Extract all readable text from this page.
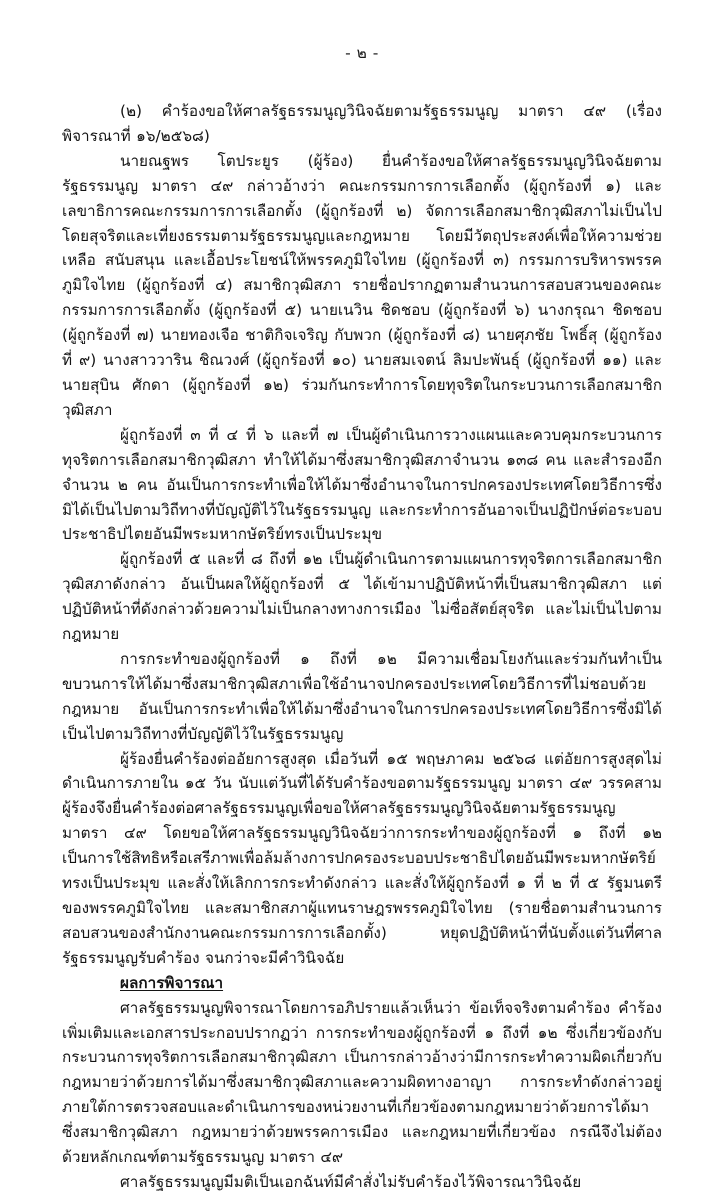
- ๒ -

(๒) คำร้องขอให้ศาลรัฐธรรมนูญวินิจฉัยตามรัฐธรรมนูญ มาตรา ๔๙ (เรื่องพิจารณาที่ ๑๖/๒๕๖๘)

นายณฐพร โตประยูร (ผู้ร้อง) ยื่นคำร้องขอให้ศาลรัฐธรรมนูญวินิจฉัยตามรัฐธรรมนูญ มาตรา ๔๙ กล่าวอ้างว่า คณะกรรมการการเลือกตั้ง (ผู้ถูกร้องที่ ๑) และเลขาธิการคณะกรรมการการเลือกตั้ง (ผู้ถูกร้องที่ ๒) จัดการเลือกสมาชิกวุฒิสภาไม่เป็นไปโดยสุจริตและเที่ยงธรรมตามรัฐธรรมนูญและกฎหมาย โดยมีวัตถุประสงค์เพื่อให้ความช่วยเหลือ สนับสนุน และเอื้อประโยชน์ให้พรรคภูมิใจไทย (ผู้ถูกร้องที่ ๓) กรรมการบริหารพรรคภูมิใจไทย (ผู้ถูกร้องที่ ๔) สมาชิกวุฒิสภา รายชื่อปรากฏตามสำนวนการสอบสวนของคณะกรรมการการเลือกตั้ง (ผู้ถูกร้องที่ ๕) นายเนวิน ชิดชอบ (ผู้ถูกร้องที่ ๖) นางกรุณา ชิดชอบ (ผู้ถูกร้องที่ ๗) นายทองเจือ ชาติกิจเจริญ กับพวก (ผู้ถูกร้องที่ ๘) นายศุภชัย โพธิ์สุ (ผู้ถูกร้องที่ ๙) นางสาววาริน ชิณวงศ์ (ผู้ถูกร้องที่ ๑๐) นายสมเจตน์ ลิมปะพันธุ์ (ผู้ถูกร้องที่ ๑๑) และนายสุบิน ศักดา (ผู้ถูกร้องที่ ๑๒) ร่วมกันกระทำการโดยทุจริตในกระบวนการเลือกสมาชิกวุฒิสภา

ผู้ถูกร้องที่ ๓ ที่ ๔ ที่ ๖ และที่ ๗ เป็นผู้ดำเนินการวางแผนและควบคุมกระบวนการทุจริตการเลือกสมาชิกวุฒิสภา ทำให้ได้มาซึ่งสมาชิกวุฒิสภาจำนวน ๑๓๘ คน และสำรองอีก จำนวน ๒ คน อันเป็นการกระทำเพื่อให้ได้มาซึ่งอำนาจในการปกครองประเทศโดยวิธีการซึ่งมิได้เป็นไปตามวิถีทางที่บัญญัติไว้ในรัฐธรรมนูญ และกระทำการอันอาจเป็นปฏิปักษ์ต่อระบอบประชาธิปไตยอันมีพระมหากษัตริย์ทรงเป็นประมุข

ผู้ถูกร้องที่ ๕ และที่ ๘ ถึงที่ ๑๒ เป็นผู้ดำเนินการตามแผนการทุจริตการเลือกสมาชิกวุฒิสภาดังกล่าว อันเป็นผลให้ผู้ถูกร้องที่ ๕ ได้เข้ามาปฏิบัติหน้าที่เป็นสมาชิกวุฒิสภา แต่ปฏิบัติหน้าที่ดังกล่าวด้วยความไม่เป็นกลางทางการเมือง ไม่ซื่อสัตย์สุจริต และไม่เป็นไปตามกฎหมาย

การกระทำของผู้ถูกร้องที่ ๑ ถึงที่ ๑๒ มีความเชื่อมโยงกันและร่วมกันทำเป็นขบวนการให้ได้มาซึ่งสมาชิกวุฒิสภาเพื่อใช้อำนาจปกครองประเทศโดยวิธีการที่ไม่ชอบด้วยกฎหมาย อันเป็นการกระทำเพื่อให้ได้มาซึ่งอำนาจในการปกครองประเทศโดยวิธีการซึ่งมิได้เป็นไปตามวิถีทางที่บัญญัติไว้ในรัฐธรรมนูญ

ผู้ร้องยื่นคำร้องต่ออัยการสูงสุด เมื่อวันที่ ๑๕ พฤษภาคม ๒๕๖๘ แต่อัยการสูงสุดไม่ดำเนินการภายใน ๑๕ วัน นับแต่วันที่ได้รับคำร้องขอตามรัฐธรรมนูญ มาตรา ๔๙ วรรคสาม ผู้ร้องจึงยื่นคำร้องต่อศาลรัฐธรรมนูญเพื่อขอให้ศาลรัฐธรรมนูญวินิจฉัยตามรัฐธรรมนูญ มาตรา ๔๙ โดยขอให้ศาลรัฐธรรมนูญวินิจฉัยว่าการกระทำของผู้ถูกร้องที่ ๑ ถึงที่ ๑๒ เป็นการใช้สิทธิหรือเสรีภาพเพื่อล้มล้างการปกครองระบอบประชาธิปไตยอันมีพระมหากษัตริย์ทรงเป็นประมุข และสั่งให้เลิกการกระทำดังกล่าว และสั่งให้ผู้ถูกร้องที่ ๑ ที่ ๒ ที่ ๕ รัฐมนตรีของพรรคภูมิใจไทย และสมาชิกสภาผู้แทนราษฎรพรรคภูมิใจไทย (รายชื่อตามสำนวนการสอบสวนของสำนักงานคณะกรรมการการเลือกตั้ง) หยุดปฏิบัติหน้าที่นับตั้งแต่วันที่ศาลรัฐธรรมนูญรับคำร้อง จนกว่าจะมีคำวินิจฉัย

ผลการพิจารณา

ศาลรัฐธรรมนูญพิจารณาโดยการอภิปรายแล้วเห็นว่า ข้อเท็จจริงตามคำร้อง คำร้องเพิ่มเติมและเอกสารประกอบปรากฏว่า การกระทำของผู้ถูกร้องที่ ๑ ถึงที่ ๑๒ ซึ่งเกี่ยวข้องกับกระบวนการทุจริตการเลือกสมาชิกวุฒิสภา เป็นการกล่าวอ้างว่ามีการกระทำความผิดเกี่ยวกับกฎหมายว่าด้วยการได้มาซึ่งสมาชิกวุฒิสภาและความผิดทางอาญา การกระทำดังกล่าวอยู่ภายใต้การตรวจสอบและดำเนินการของหน่วยงานที่เกี่ยวข้องตามกฎหมายว่าด้วยการได้มาซึ่งสมาชิกวุฒิสภา กฎหมายว่าด้วยพรรคการเมือง และกฎหมายที่เกี่ยวข้อง กรณีจึงไม่ต้องด้วยหลักเกณฑ์ตามรัฐธรรมนูญ มาตรา ๔๙

ศาลรัฐธรรมนูญมีมติเป็นเอกฉันท์มีคำสั่งไม่รับคำร้องไว้พิจารณาวินิจฉัย
